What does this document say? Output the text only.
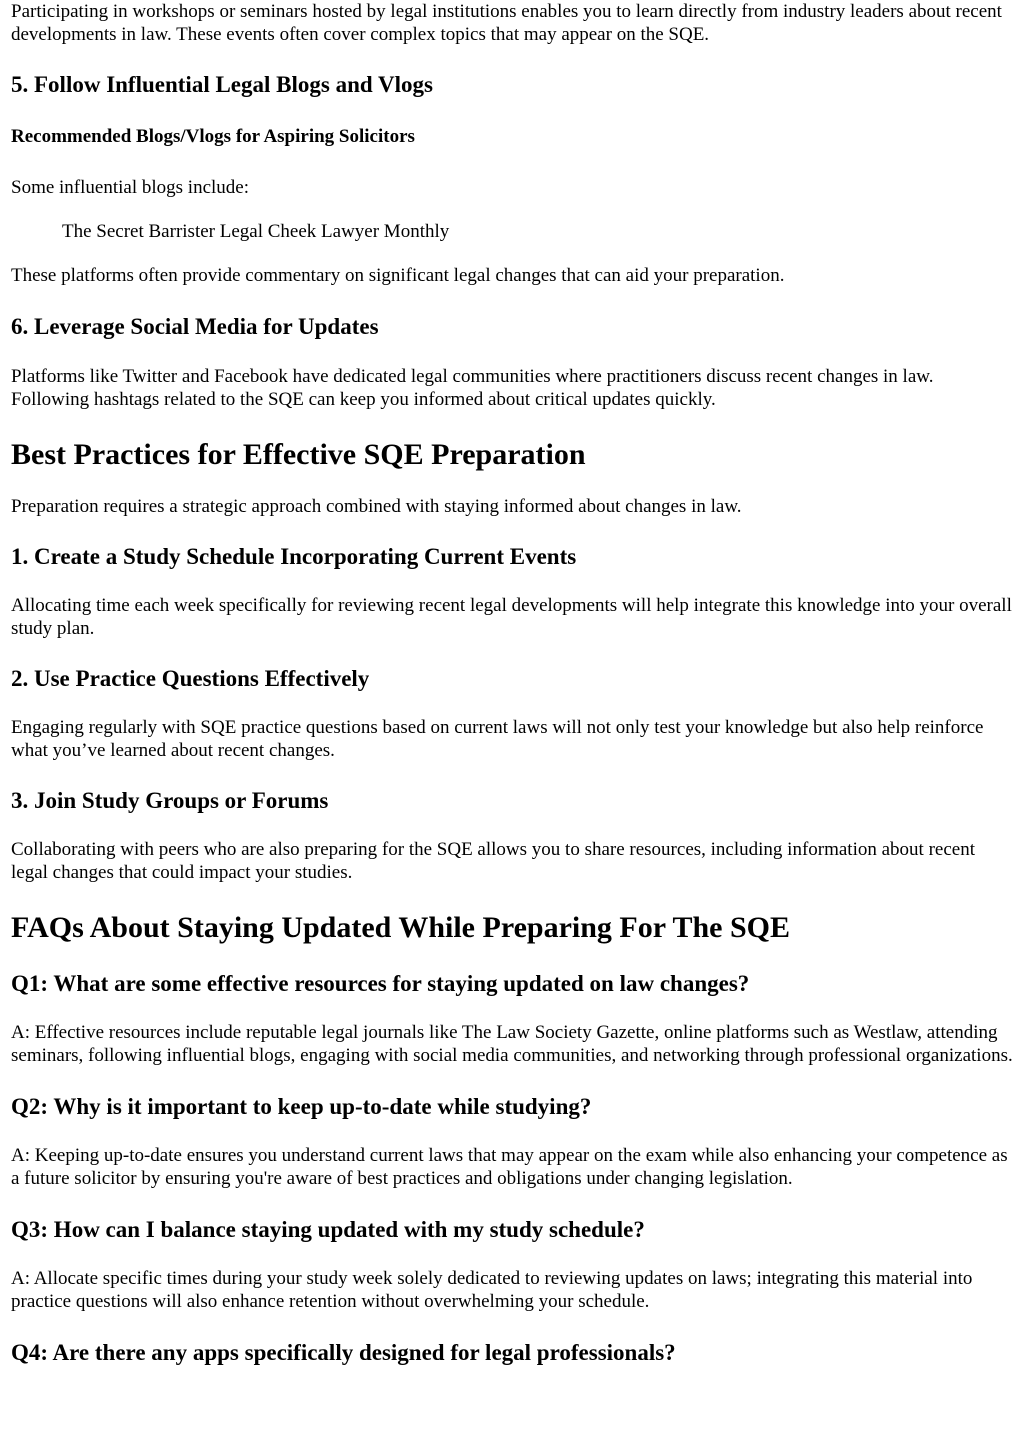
Participating in workshops or seminars hosted by legal institutions enables you to learn directly from industry leaders about recent developments in law. These events often cover complex topics that may appear on the SQE.

5. Follow Influential Legal Blogs and Vlogs
Recommended Blogs/Vlogs for Aspiring Solicitors

Some influential blogs include:

The Secret Barrister Legal Cheek Lawyer Monthly

These platforms often provide commentary on significant legal changes that can aid your preparation.

6. Leverage Social Media for Updates

Platforms like Twitter and Facebook have dedicated legal communities where practitioners discuss recent changes in law. Following hashtags related to the SQE can keep you informed about critical updates quickly.

Best Practices for Effective SQE Preparation

Preparation requires a strategic approach combined with staying informed about changes in law.

1. Create a Study Schedule Incorporating Current Events

Allocating time each week specifically for reviewing recent legal developments will help integrate this knowledge into your overall study plan.

2. Use Practice Questions Effectively

Engaging regularly with SQE practice questions based on current laws will not only test your knowledge but also help reinforce what you’ve learned about recent changes.

3. Join Study Groups or Forums

Collaborating with peers who are also preparing for the SQE allows you to share resources, including information about recent legal changes that could impact your studies.

FAQs About Staying Updated While Preparing For The SQE
Q1: What are some effective resources for staying updated on law changes?

A: Effective resources include reputable legal journals like The Law Society Gazette, online platforms such as Westlaw, attending seminars, following influential blogs, engaging with social media communities, and networking through professional organizations.

Q2: Why is it important to keep up-to-date while studying?

A: Keeping up-to-date ensures you understand current laws that may appear on the exam while also enhancing your competence as a future solicitor by ensuring you're aware of best practices and obligations under changing legislation.

Q3: How can I balance staying updated with my study schedule?

A: Allocate specific times during your study week solely dedicated to reviewing updates on laws; integrating this material into practice questions will also enhance retention without overwhelming your schedule.

Q4: Are there any apps specifically designed for legal professionals?
